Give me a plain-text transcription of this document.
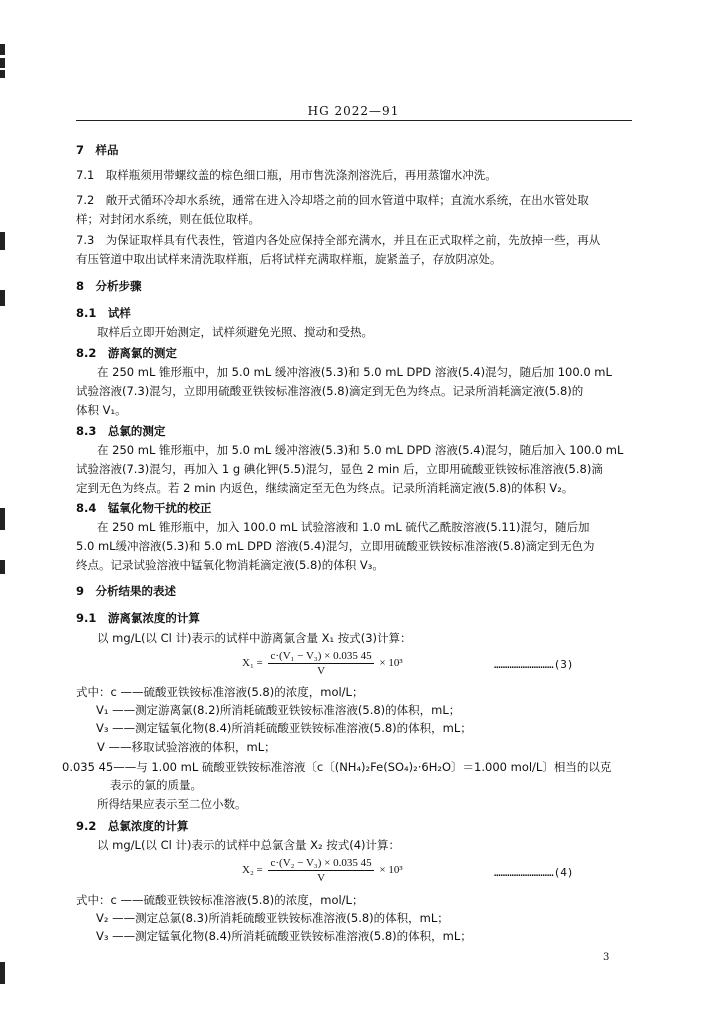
HG 2022—91
7　样品
7.1　取样瓶须用带螺纹盖的棕色细口瓶，用市售洗涤剂溶洗后，再用蒸馏水冲洗。
7.2　敞开式循环冷却水系统，通常在进入冷却塔之前的回水管道中取样；直流水系统，在出水管处取
样；对封闭水系统，则在低位取样。
7.3　为保证取样具有代表性，管道内各处应保持全部充满水，并且在正式取样之前，先放掉一些，再从
有压管道中取出试样来清洗取样瓶，后将试样充满取样瓶，旋紧盖子，存放阴凉处。
8　分析步骤
8.1　试样
取样后立即开始测定，试样须避免光照、搅动和受热。
8.2　游离氯的测定
在 250 mL 锥形瓶中，加 5.0 mL 缓冲溶液(5.3)和 5.0 mL DPD 溶液(5.4)混匀，随后加 100.0 mL
试验溶液(7.3)混匀，立即用硫酸亚铁铵标准溶液(5.8)滴定到无色为终点。记录所消耗滴定液(5.8)的
体积 V₁。
8.3　总氯的测定
在 250 mL 锥形瓶中，加 5.0 mL 缓冲溶液(5.3)和 5.0 mL DPD 溶液(5.4)混匀，随后加入 100.0 mL
试验溶液(7.3)混匀，再加入 1 g 碘化钾(5.5)混匀，显色 2 min 后，立即用硫酸亚铁铵标准溶液(5.8)滴
定到无色为终点。若 2 min 内返色，继续滴定至无色为终点。记录所消耗滴定液(5.8)的体积 V₂。
8.4　锰氧化物干扰的校正
在 250 mL 锥形瓶中，加入 100.0 mL 试验溶液和 1.0 mL 硫代乙酰胺溶液(5.11)混匀，随后加
5.0 mL缓冲溶液(5.3)和 5.0 mL DPD 溶液(5.4)混匀，立即用硫酸亚铁铵标准溶液(5.8)滴定到无色为
终点。记录试验溶液中锰氧化物消耗滴定液(5.8)的体积 V₃。
9　分析结果的表述
9.1　游离氯浓度的计算
以 mg/L(以 Cl 计)表示的试样中游离氯含量 X₁ 按式(3)计算：
$X_1 = \frac{\text{c·(V₁ − V₃) × 0.035 45}}{V} \times 10^3$	………………………(3)
式中：c ——硫酸亚铁铵标准溶液(5.8)的浓度，mol/L；
V₁ ——测定游离氯(8.2)所消耗硫酸亚铁铵标准溶液(5.8)的体积，mL；
V₃ ——测定锰氧化物(8.4)所消耗硫酸亚铁铵标准溶液(5.8)的体积，mL；
V ——移取试验溶液的体积，mL；
0.035 45——与 1.00 mL 硫酸亚铁铵标准溶液〔c〔(NH₄)₂Fe(SO₄)₂·6H₂O〕＝1.000 mol/L〕相当的以克
表示的氯的质量。
所得结果应表示至二位小数。
9.2　总氯浓度的计算
以 mg/L(以 Cl 计)表示的试样中总氯含量 X₂ 按式(4)计算：
$X_2 = \frac{\text{c·(V₂ − V₃) × 0.035 45}}{V} \times 10^3$	………………………(4)
式中：c ——硫酸亚铁铵标准溶液(5.8)的浓度，mol/L；
V₂ ——测定总氯(8.3)所消耗硫酸亚铁铵标准溶液(5.8)的体积，mL；
V₃ ——测定锰氧化物(8.4)所消耗硫酸亚铁铵标准溶液(5.8)的体积，mL；
3
